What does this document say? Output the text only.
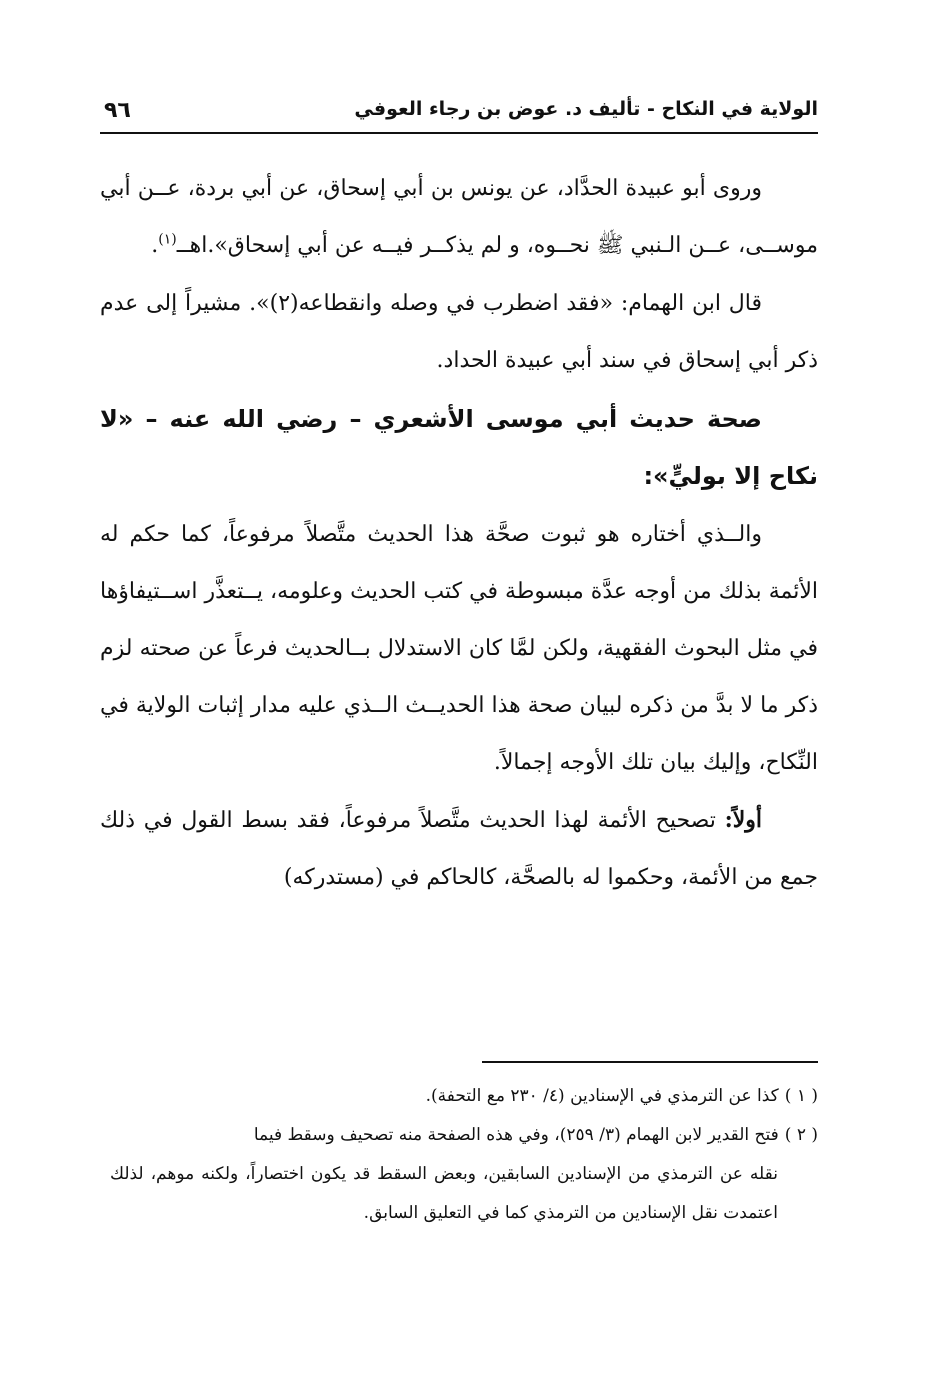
الولاية في النكاح - تأليف د. عوض بن رجاء العوفي
٩٦

وروى أبو عبيدة الحدَّاد، عن يونس بن أبي إسحاق، عن أبي بردة، عــن أبي موســى، عــن الـنبي ﷺ نحــوه، و لم يذكــر فيــه عن أبي إسحاق».اهــ$^{(١)}$.

قال ابن الهمام: «فقد اضطرب في وصله وانقطاعه(٢)». مشيراً إلى عدم ذكر أبي إسحاق في سند أبي عبيدة الحداد.

صحة حديث أبي موسى الأشعري – رضي الله عنه – «لا نكاح إلا بوليٍّ»:

والــذي أختاره هو ثبوت صحَّة هذا الحديث متَّصلاً مرفوعاً، كما حكم له الأئمة بذلك من أوجه عدَّة مبسوطة في كتب الحديث وعلومه، يــتعذَّر اســتيفاؤها في مثل البحوث الفقهية، ولكن لمَّا كان الاستدلال بــالحديث فرعاً عن صحته لزم ذكر ما لا بدَّ من ذكره لبيان صحة هذا الحديــث الــذي عليه مدار إثبات الولاية في النِّكاح، وإليك بيان تلك الأوجه إجمالاً.

أولاً: تصحيح الأئمة لهذا الحديث متَّصلاً مرفوعاً، فقد بسط القول في ذلك جمع من الأئمة، وحكموا له بالصحَّة، كالحاكم في (مستدركه)

( ١ )كذا عن الترمذي في الإسنادين (٤/ ٢٣٠ مع التحفة).

( ٢ )فتح القدير لابن الهمام (٣/ ٢٥٩)، وفي هذه الصفحة منه تصحيف وسقط فيما

نقله عن الترمذي من الإسنادين السابقين، وبعض السقط قد يكون اختصاراً، ولكنه موهم، لذلك اعتمدت نقل الإسنادين من الترمذي كما في التعليق السابق.
